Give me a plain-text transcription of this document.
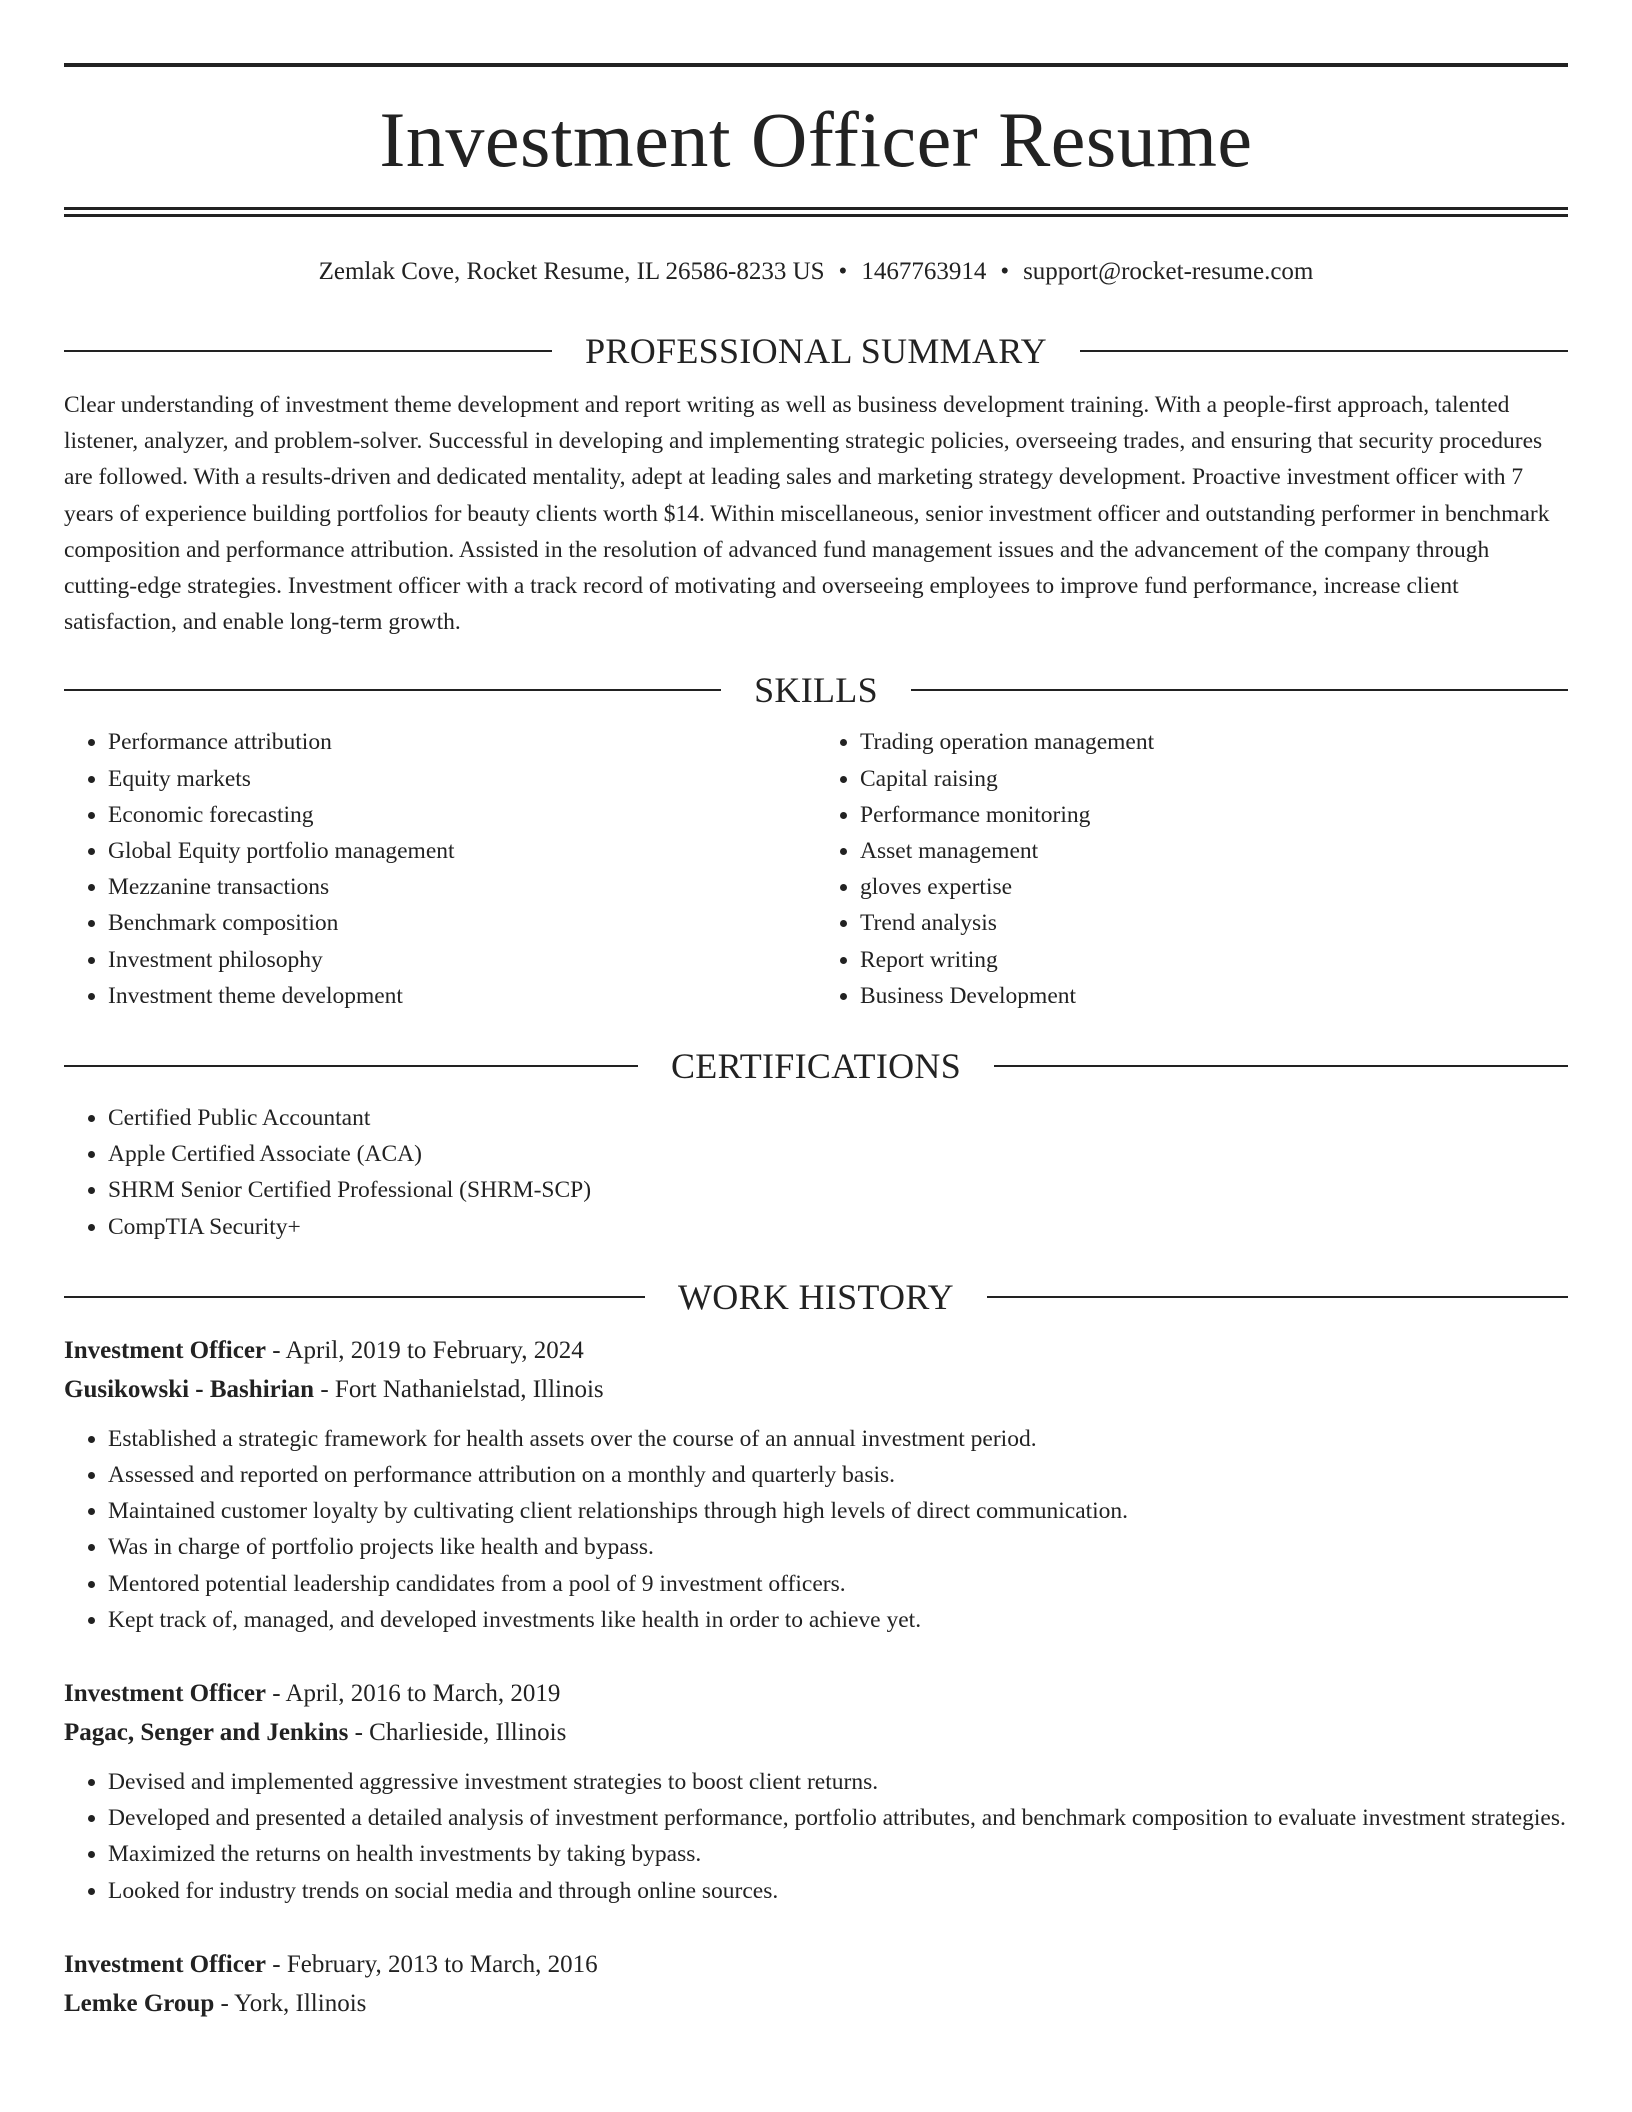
Investment Officer Resume
Zemlak Cove, Rocket Resume, IL 26586-8233 US • 1467763914 • support@rocket-resume.com
PROFESSIONAL SUMMARY
Clear understanding of investment theme development and report writing as well as business development training. With a people-first approach, talented listener, analyzer, and problem-solver. Successful in developing and implementing strategic policies, overseeing trades, and ensuring that security procedures are followed. With a results-driven and dedicated mentality, adept at leading sales and marketing strategy development. Proactive investment officer with 7 years of experience building portfolios for beauty clients worth $14. Within miscellaneous, senior investment officer and outstanding performer in benchmark composition and performance attribution. Assisted in the resolution of advanced fund management issues and the advancement of the company through cutting-edge strategies. Investment officer with a track record of motivating and overseeing employees to improve fund performance, increase client satisfaction, and enable long-term growth.
SKILLS
• Performance attribution
• Equity markets
• Economic forecasting
• Global Equity portfolio management
• Mezzanine transactions
• Benchmark composition
• Investment philosophy
• Investment theme development
• Trading operation management
• Capital raising
• Performance monitoring
• Asset management
• gloves expertise
• Trend analysis
• Report writing
• Business Development
CERTIFICATIONS
• Certified Public Accountant
• Apple Certified Associate (ACA)
• SHRM Senior Certified Professional (SHRM-SCP)
• CompTIA Security+
WORK HISTORY
Investment Officer - April, 2019 to February, 2024
Gusikowski - Bashirian - Fort Nathanielstad, Illinois
• Established a strategic framework for health assets over the course of an annual investment period.
• Assessed and reported on performance attribution on a monthly and quarterly basis.
• Maintained customer loyalty by cultivating client relationships through high levels of direct communication.
• Was in charge of portfolio projects like health and bypass.
• Mentored potential leadership candidates from a pool of 9 investment officers.
• Kept track of, managed, and developed investments like health in order to achieve yet.
Investment Officer - April, 2016 to March, 2019
Pagac, Senger and Jenkins - Charlieside, Illinois
• Devised and implemented aggressive investment strategies to boost client returns.
• Developed and presented a detailed analysis of investment performance, portfolio attributes, and benchmark composition to evaluate investment strategies.
• Maximized the returns on health investments by taking bypass.
• Looked for industry trends on social media and through online sources.
Investment Officer - February, 2013 to March, 2016
Lemke Group - York, Illinois
